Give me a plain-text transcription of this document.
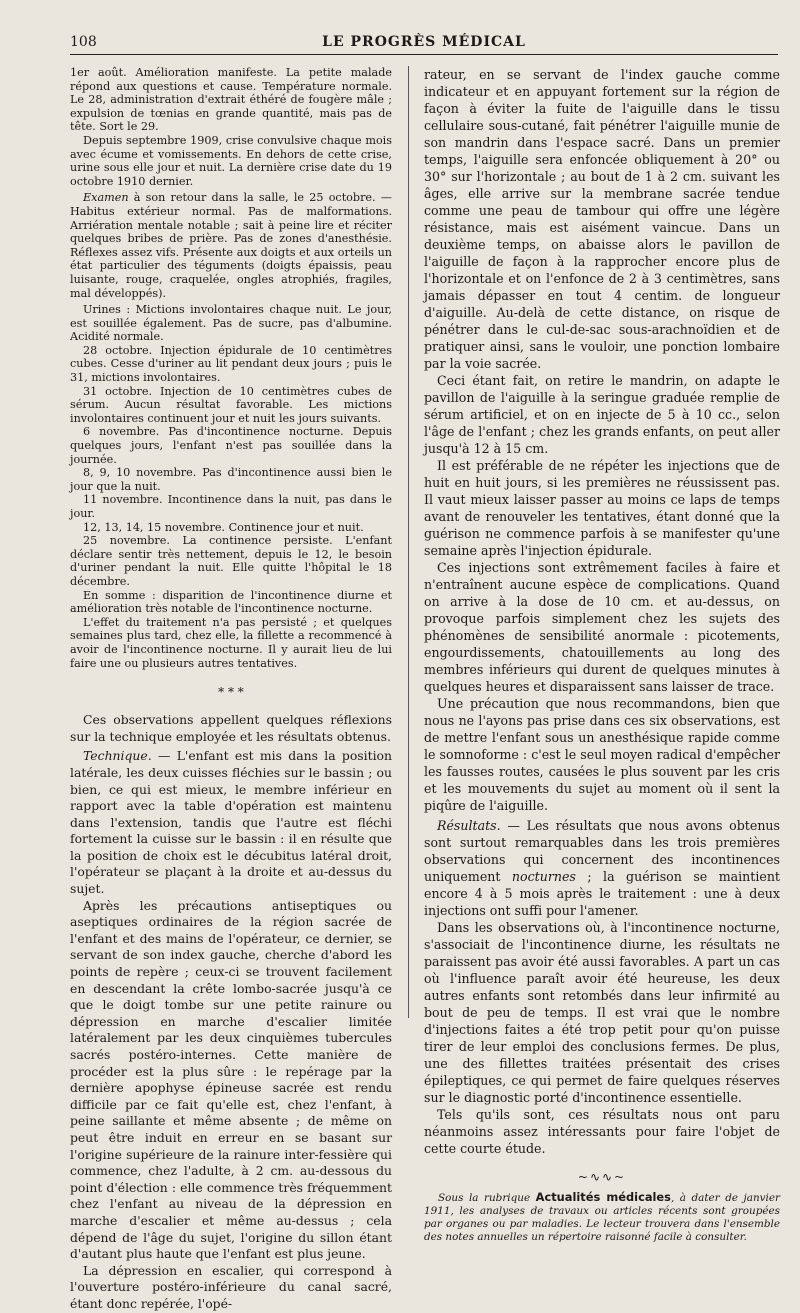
108	LE PROGRÈS MÉDICAL

1er août. Amélioration manifeste. La petite malade répond aux questions et cause. Température normale. Le 28, administration d'extrait éthéré de fougère mâle ; expulsion de tœnias en grande quantité, mais pas de tête. Sort le 29.

Depuis septembre 1909, crise convulsive chaque mois avec écume et vomissements. En dehors de cette crise, urine sous elle jour et nuit. La dernière crise date du 19 octobre 1910 dernier.

Examen à son retour dans la salle, le 25 octobre. — Habitus extérieur normal. Pas de malformations. Arriération mentale notable ; sait à peine lire et réciter quelques bribes de prière. Pas de zones d'anesthésie. Réflexes assez vifs. Présente aux doigts et aux orteils un état particulier des téguments (doigts épaissis, peau luisante, rouge, craquelée, ongles atrophiés, fragiles, mal développés).

Urines : Mictions involontaires chaque nuit. Le jour, est souillée également. Pas de sucre, pas d'albumine. Acidité normale.

28 octobre. Injection épidurale de 10 centimètres cubes. Cesse d'uriner au lit pendant deux jours ; puis le 31, mictions involontaires.

31 octobre. Injection de 10 centimètres cubes de sérum. Aucun résultat favorable. Les mictions involontaires continuent jour et nuit les jours suivants.

6 novembre. Pas d'incontinence nocturne. Depuis quelques jours, l'enfant n'est pas souillée dans la journée.

8, 9, 10 novembre. Pas d'incontinence aussi bien le jour que la nuit.

11 novembre. Incontinence dans la nuit, pas dans le jour.

12, 13, 14, 15 novembre. Continence jour et nuit.

25 novembre. La continence persiste. L'enfant déclare sentir très nettement, depuis le 12, le besoin d'uriner pendant la nuit. Elle quitte l'hôpital le 18 décembre.

En somme : disparition de l'incontinence diurne et amélioration très notable de l'incontinence nocturne.

L'effet du traitement n'a pas persisté ; et quelques semaines plus tard, chez elle, la fillette a recommencé à avoir de l'incontinence nocturne. Il y aurait lieu de lui faire une ou plusieurs autres tentatives.

* * *

Ces observations appellent quelques réflexions sur la technique employée et les résultats obtenus.

Technique. — L'enfant est mis dans la position latérale, les deux cuisses fléchies sur le bassin ; ou bien, ce qui est mieux, le membre inférieur en rapport avec la table d'opération est maintenu dans l'extension, tandis que l'autre est fléchi fortement la cuisse sur le bassin : il en résulte que la position de choix est le décubitus latéral droit, l'opérateur se plaçant à la droite et au-dessus du sujet.

Après les précautions antiseptiques ou aseptiques ordinaires de la région sacrée de l'enfant et des mains de l'opérateur, ce dernier, se servant de son index gauche, cherche d'abord les points de repère ; ceux-ci se trouvent facilement en descendant la crête lombo-sacrée jusqu'à ce que le doigt tombe sur une petite rainure ou dépression en marche d'escalier limitée latéralement par les deux cinquièmes tubercules sacrés postéro-internes. Cette manière de procéder est la plus sûre : le repérage par la dernière apophyse épineuse sacrée est rendu difficile par ce fait qu'elle est, chez l'enfant, à peine saillante et même absente ; de même on peut être induit en erreur en se basant sur l'origine supérieure de la rainure inter-fessière qui commence, chez l'adulte, à 2 cm. au-dessous du point d'élection : elle commence très fréquemment chez l'enfant au niveau de la dépression en marche d'escalier et même au-dessus ; cela dépend de l'âge du sujet, l'origine du sillon étant d'autant plus haute que l'enfant est plus jeune.

La dépression en escalier, qui correspond à l'ouverture postéro-inférieure du canal sacré, étant donc repérée, l'opé-

rateur, en se servant de l'index gauche comme indicateur et en appuyant fortement sur la région de façon à éviter la fuite de l'aiguille dans le tissu cellulaire sous-cutané, fait pénétrer l'aiguille munie de son mandrin dans l'espace sacré. Dans un premier temps, l'aiguille sera enfoncée obliquement à 20° ou 30° sur l'horizontale ; au bout de 1 à 2 cm. suivant les âges, elle arrive sur la membrane sacrée tendue comme une peau de tambour qui offre une légère résistance, mais est aisément vaincue. Dans un deuxième temps, on abaisse alors le pavillon de l'aiguille de façon à la rapprocher encore plus de l'horizontale et on l'enfonce de 2 à 3 centimètres, sans jamais dépasser en tout 4 centim. de longueur d'aiguille. Au-delà de cette distance, on risque de pénétrer dans le cul-de-sac sous-arachnoïdien et de pratiquer ainsi, sans le vouloir, une ponction lombaire par la voie sacrée.

Ceci étant fait, on retire le mandrin, on adapte le pavillon de l'aiguille à la seringue graduée remplie de sérum artificiel, et on en injecte de 5 à 10 cc., selon l'âge de l'enfant ; chez les grands enfants, on peut aller jusqu'à 12 à 15 cm.

Il est préférable de ne répéter les injections que de huit en huit jours, si les premières ne réussissent pas. Il vaut mieux laisser passer au moins ce laps de temps avant de renouveler les tentatives, étant donné que la guérison ne commence parfois à se manifester qu'une semaine après l'injection épidurale.

Ces injections sont extrêmement faciles à faire et n'entraînent aucune espèce de complications. Quand on arrive à la dose de 10 cm. et au-dessus, on provoque parfois simplement chez les sujets des phénomènes de sensibilité anormale : picotements, engourdissements, chatouillements au long des membres inférieurs qui durent de quelques minutes à quelques heures et disparaissent sans laisser de trace.

Une précaution que nous recommandons, bien que nous ne l'ayons pas prise dans ces six observations, est de mettre l'enfant sous un anesthésique rapide comme le somnoforme : c'est le seul moyen radical d'empêcher les fausses routes, causées le plus souvent par les cris et les mouvements du sujet au moment où il sent la piqûre de l'aiguille.

Résultats. — Les résultats que nous avons obtenus sont surtout remarquables dans les trois premières observations qui concernent des incontinences uniquement nocturnes ; la guérison se maintient encore 4 à 5 mois après le traitement : une à deux injections ont suffi pour l'amener.

Dans les observations où, à l'incontinence nocturne, s'associait de l'incontinence diurne, les résultats ne paraissent pas avoir été aussi favorables. A part un cas où l'influence paraît avoir été heureuse, les deux autres enfants sont retombés dans leur infirmité au bout de peu de temps. Il est vrai que le nombre d'injections faites a été trop petit pour qu'on puisse tirer de leur emploi des conclusions fermes. De plus, une des fillettes traitées présentait des crises épileptiques, ce qui permet de faire quelques réserves sur le diagnostic porté d'incontinence essentielle.

Tels qu'ils sont, ces résultats nous ont paru néanmoins assez intéressants pour faire l'objet de cette courte étude.

~∿∿~
Sous la rubrique Actualités médicales, à dater de janvier 1911, les analyses de travaux ou articles récents sont groupées par organes ou par maladies. Le lecteur trouvera dans l'ensemble des notes annuelles un répertoire raisonné facile à consulter.
